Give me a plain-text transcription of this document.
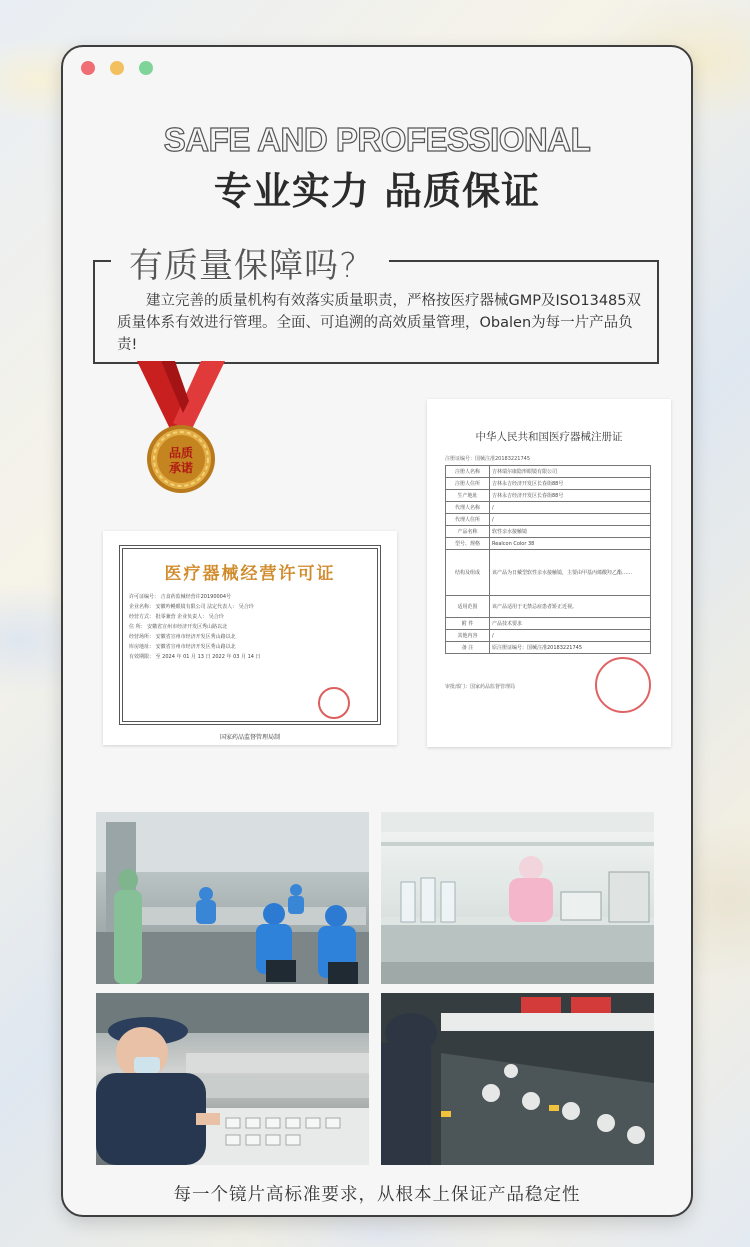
SAFE AND PROFESSIONAL
专业实力 品质保证
有质量保障吗?
建立完善的质量机构有效落实质量职责，严格按医疗器械GMP及ISO13485双质量体系有效进行管理。全面、可追溯的高效质量管理，Obalen为每一片产品负责!
品质
承诺
中华人民共和国医疗器械注册证
注册证编号：国械注准20183221745
注册人名称	吉林瑞尔康隐形眼镜有限公司
注册人住所	吉林永吉经济开发区长春街88号
生产地址	吉林永吉经济开发区长春街88号
代理人名称	/
代理人住所	/
产品名称	软性亲水接触镜
型号、规格	Realcon Color 38
结构及组成	该产品为日戴型软性亲水接触镜，主要由甲基丙烯酸羟乙酯……
适用范围	该产品适用于无禁忌症患者矫正近视。
附 件	产品技术要求
其他内容	/
备 注	原注册证编号：国械注准20183221745
审批部门：国家药品监督管理局
医疗器械经营许可证
许可证编号： 吉食药监械经营许20190004号
企业名称： 安徽吟幔眼镜有限公司 法定代表人： 吴合玲
经营方式： 批零兼营 企业负责人： 吴合玲
住 所： 安徽省宣州市经济开发区秀山路以北
经营场所： 安徽省宣州市经济开发区秀山路以北
库房地址： 安徽省宣州市经济开发区秀山路以北
有效期限： 至 2024 年 01 月 13 日 2022 年 03 月 14 日
国家药品监督管理局制
每一个镜片高标准要求，从根本上保证产品稳定性
